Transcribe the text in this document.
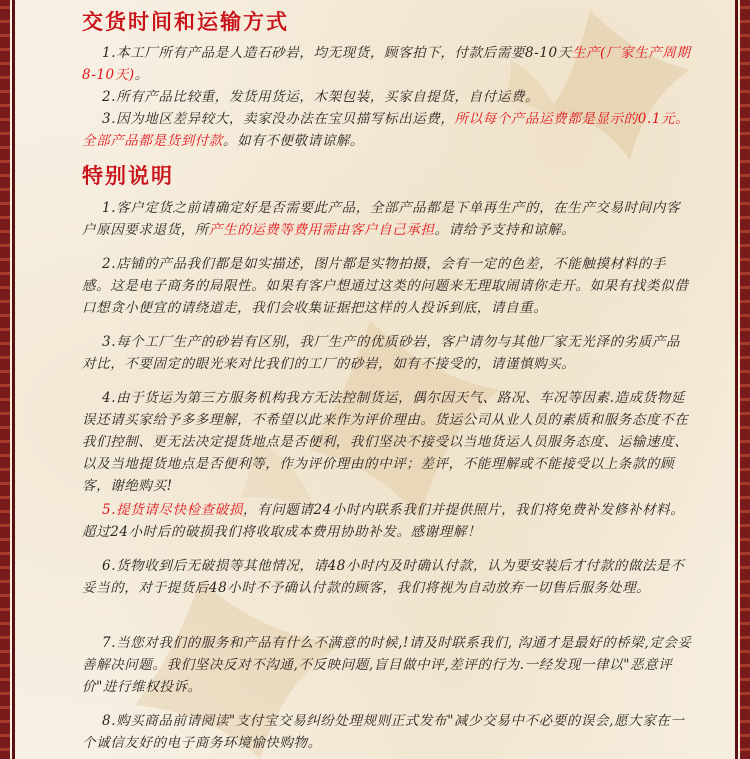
交货时间和运输方式

1.本工厂所有产品是人造石砂岩，均无现货，顾客拍下，付款后需要8-10天生产(厂家生产周期8-10天)。

2.所有产品比较重，发货用货运，木架包装，买家自提货，自付运费。

3.因为地区差异较大，卖家没办法在宝贝描写标出运费，所以每个产品运费都是显示的0.1元。全部产品都是货到付款。如有不便敬请谅解。

特别说明

1.客户定货之前请确定好是否需要此产品，全部产品都是下单再生产的，在生产交易时间内客户原因要求退货，所产生的运费等费用需由客户自己承担。请给予支持和谅解。

2.店铺的产品我们都是如实描述，图片都是实物拍摄，会有一定的色差，不能触摸材料的手感。这是电子商务的局限性。如果有客户想通过这类的问题来无理取闹请你走开。如果有找类似借口想贪小便宜的请绕道走，我们会收集证据把这样的人投诉到底，请自重。

3.每个工厂生产的砂岩有区别，我厂生产的优质砂岩，客户请勿与其他厂家无光泽的劣质产品对比，不要固定的眼光来对比我们的工厂的砂岩，如有不接受的，请谨慎购买。

4.由于货运为第三方服务机构我方无法控制货运，偶尔因天气、路况、车况等因素.造成货物延误还请买家给予多多理解，不希望以此来作为评价理由。货运公司从业人员的素质和服务态度不在我们控制、更无法决定提货地点是否便利，我们坚决不接受以当地货运人员服务态度、运输速度、以及当地提货地点是否便利等，作为评价理由的中评；差评，不能理解或不能接受以上条款的顾客，谢绝购买!

5.提货请尽快检查破损，有问题请24小时内联系我们并提供照片，我们将免费补发修补材料。超过24小时后的破损我们将收取成本费用协助补发。感谢理解！

6.货物收到后无破损等其他情况，请48小时内及时确认付款，认为要安装后才付款的做法是不妥当的，对于提货后48小时不予确认付款的顾客，我们将视为自动放弃一切售后服务处理。

7.当您对我们的服务和产品有什么不满意的时候,!请及时联系我们, 沟通才是最好的桥梁,定会妥善解决问题。我们坚决反对不沟通,不反映问题,盲目做中评,差评的行为.一经发现一律以"恶意评价"进行维权投诉。

8.购买商品前请阅读"支付宝交易纠纷处理规则正式发布"减少交易中不必要的误会,愿大家在一个诚信友好的电子商务环境愉快购物。
